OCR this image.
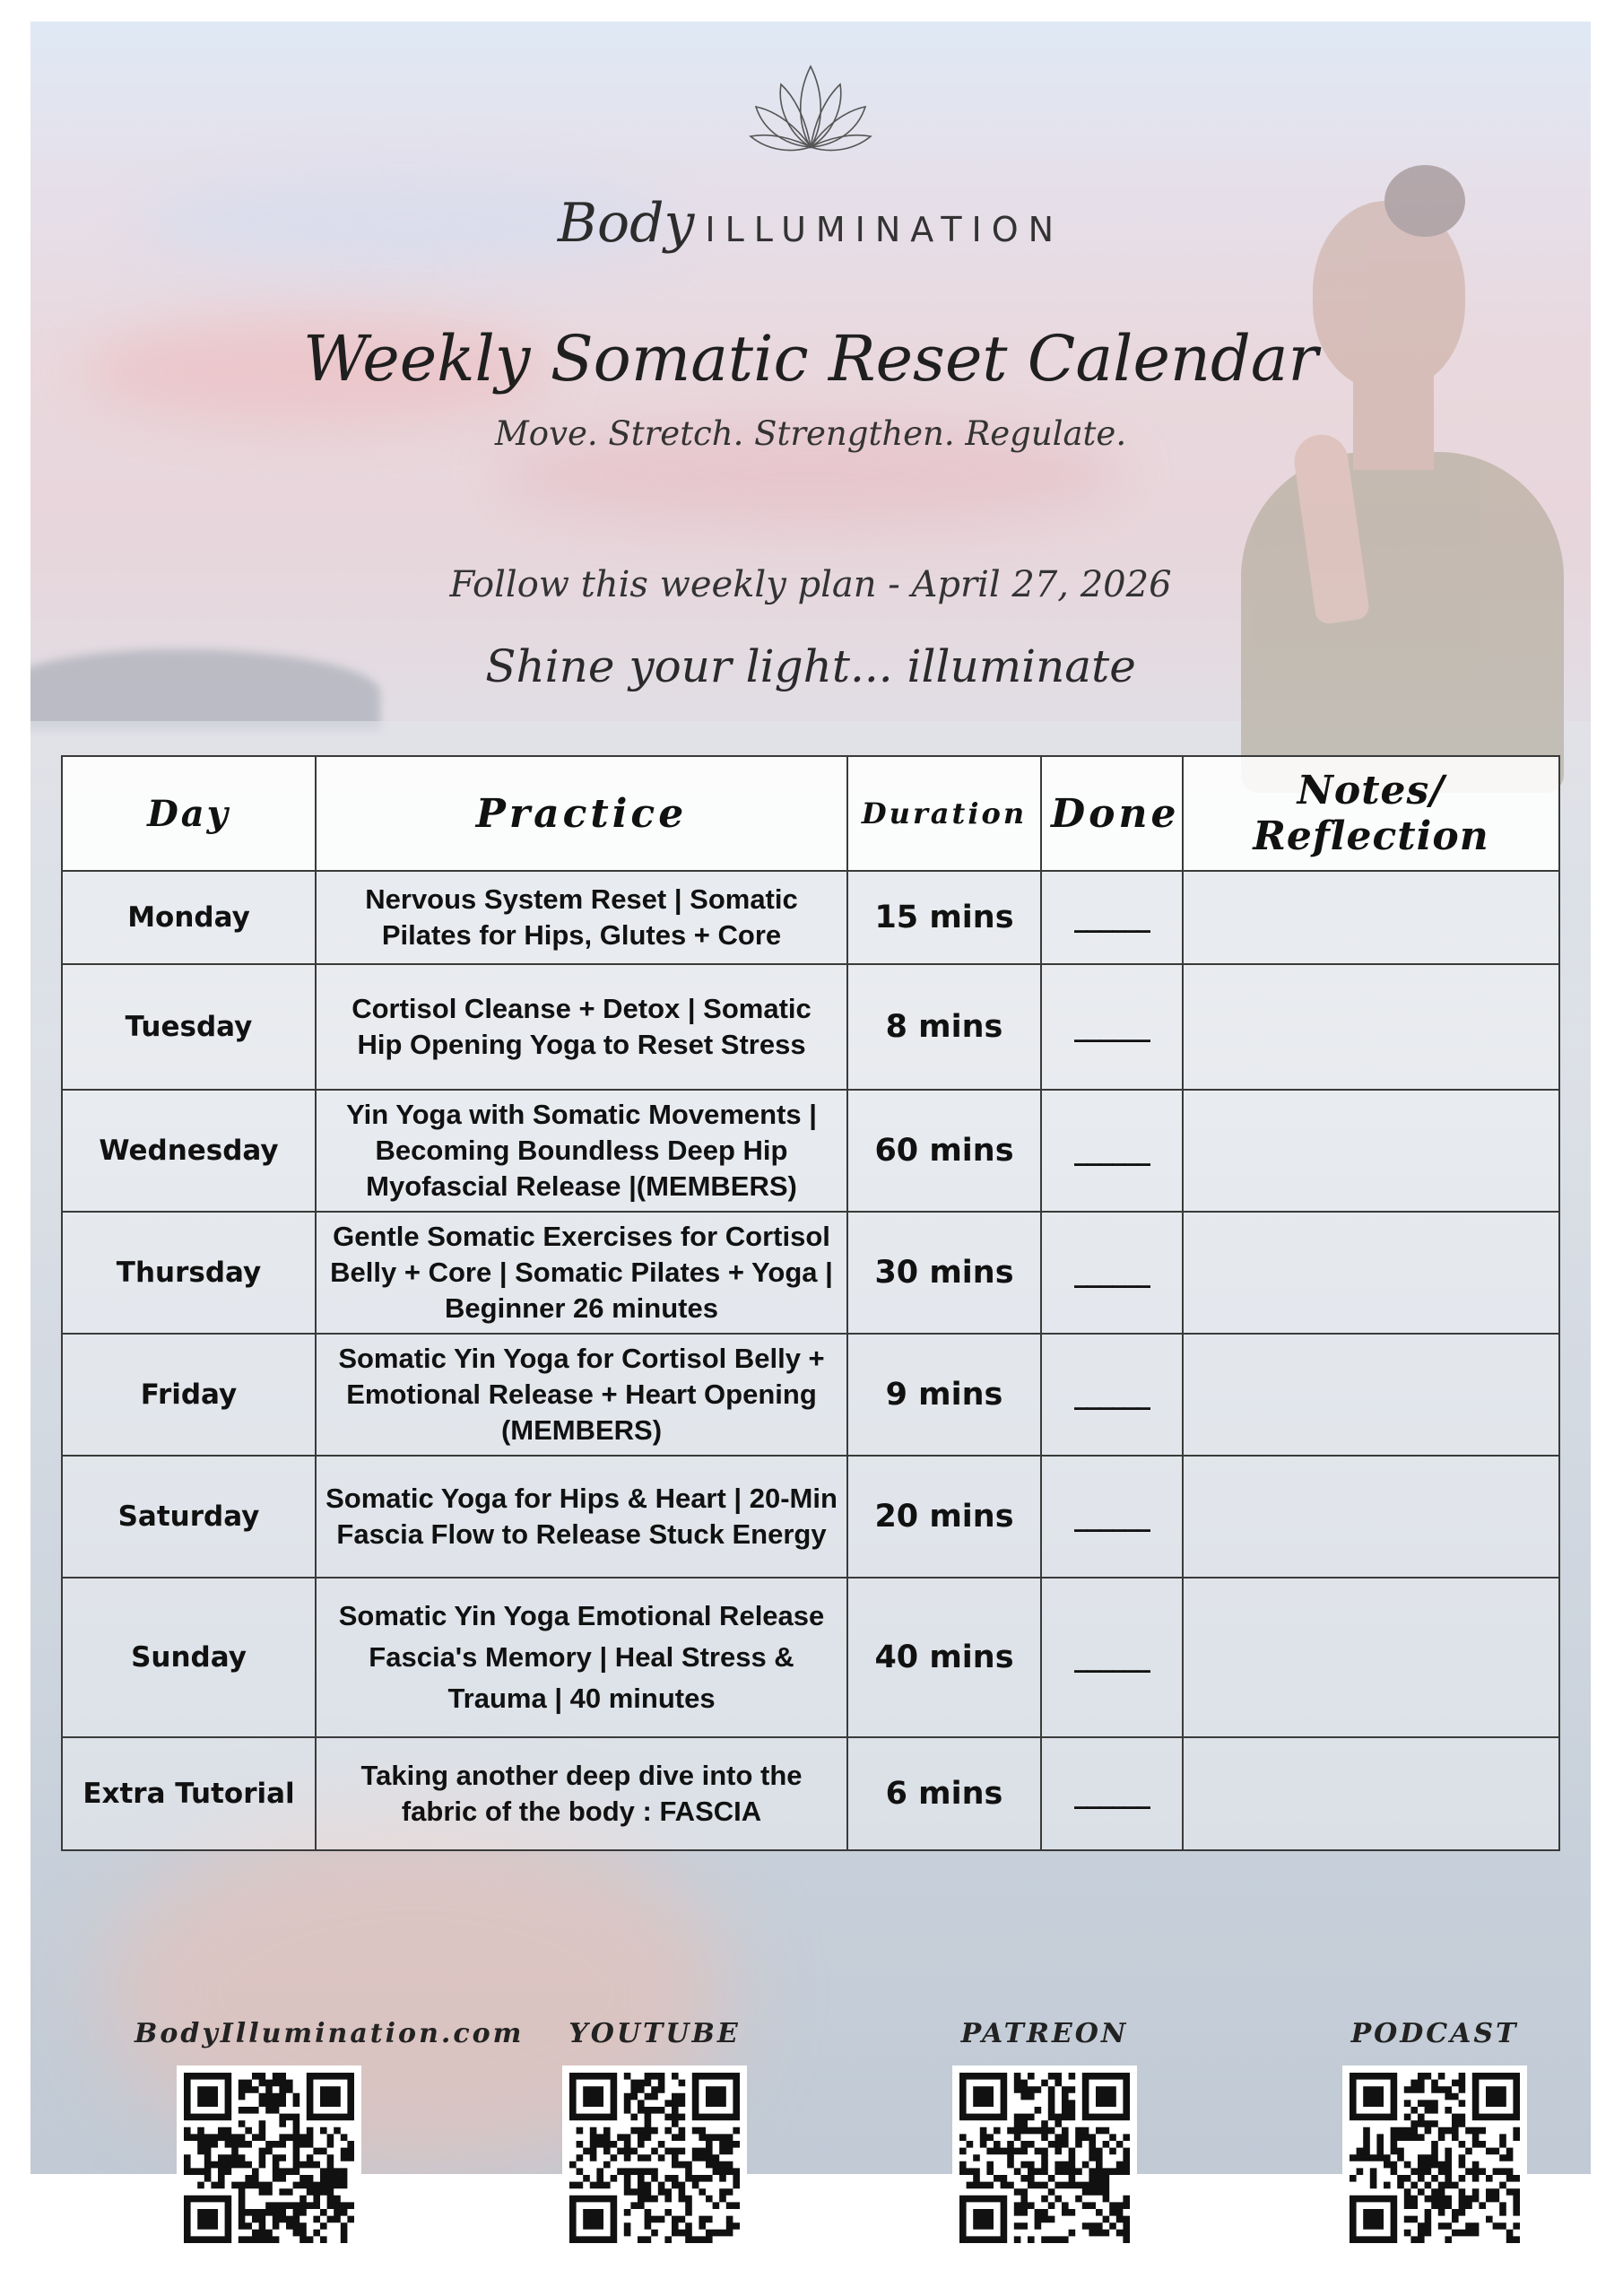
Body ILLUMINATION
Weekly Somatic Reset Calendar
Move. Stretch. Strengthen. Regulate.
Follow this weekly plan - April 27, 2026
Shine your light... illuminate
Day	Practice	Duration	Done	Notes/ Reflection
Monday	Nervous System Reset | Somatic Pilates for Hips, Glutes + Core	15 mins	______	
Tuesday	Cortisol Cleanse + Detox | Somatic Hip Opening Yoga to Reset Stress	8 mins	______	
Wednesday	Yin Yoga with Somatic Movements | Becoming Boundless Deep Hip Myofascial Release |(MEMBERS)	60 mins	______	
Thursday	Gentle Somatic Exercises for Cortisol Belly + Core | Somatic Pilates + Yoga | Beginner 26 minutes	30 mins	______	
Friday	Somatic Yin Yoga for Cortisol Belly + Emotional Release + Heart Opening (MEMBERS)	9 mins	______	
Saturday	Somatic Yoga for Hips & Heart | 20-Min Fascia Flow to Release Stuck Energy	20 mins	______	
Sunday	Somatic Yin Yoga Emotional Release Fascia's Memory | Heal Stress & Trauma | 40 minutes	40 mins	______	
Extra Tutorial	Taking another deep dive into the fabric of the body : FASCIA	6 mins	______	
BodyIllumination.com	YOUTUBE	PATREON	PODCAST
